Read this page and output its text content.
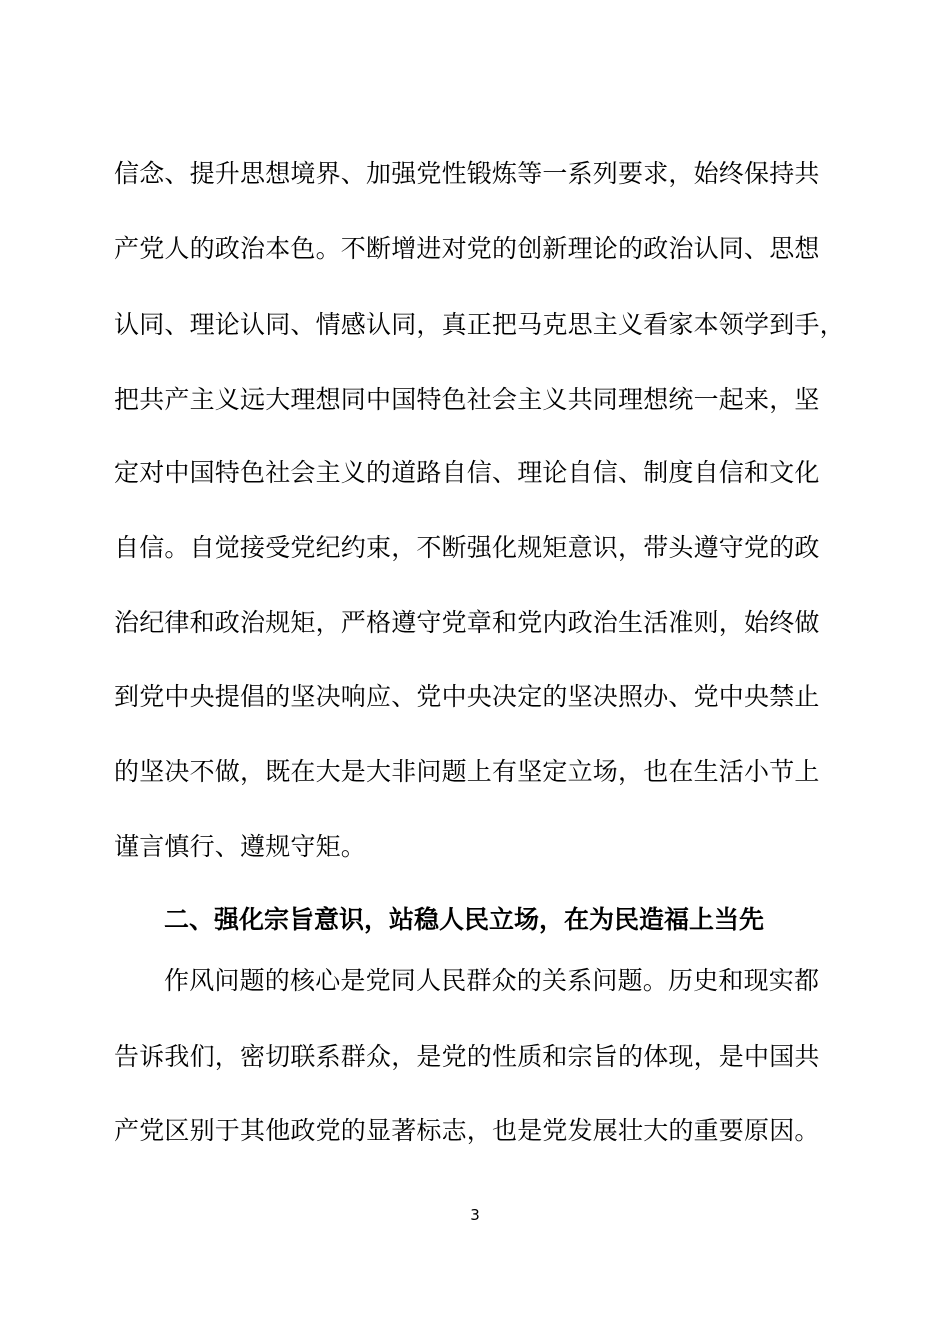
信念、提升思想境界、加强党性锻炼等一系列要求，始终保持共
产党人的政治本色。不断增进对党的创新理论的政治认同、思想
认同、理论认同、情感认同，真正把马克思主义看家本领学到手，
把共产主义远大理想同中国特色社会主义共同理想统一起来，坚
定对中国特色社会主义的道路自信、理论自信、制度自信和文化
自信。自觉接受党纪约束，不断强化规矩意识，带头遵守党的政
治纪律和政治规矩，严格遵守党章和党内政治生活准则，始终做
到党中央提倡的坚决响应、党中央决定的坚决照办、党中央禁止
的坚决不做，既在大是大非问题上有坚定立场，也在生活小节上
谨言慎行、遵规守矩。
二、强化宗旨意识，站稳人民立场，在为民造福上当先
作风问题的核心是党同人民群众的关系问题。历史和现实都
告诉我们，密切联系群众，是党的性质和宗旨的体现，是中国共
产党区别于其他政党的显著标志，也是党发展壮大的重要原因。
3
